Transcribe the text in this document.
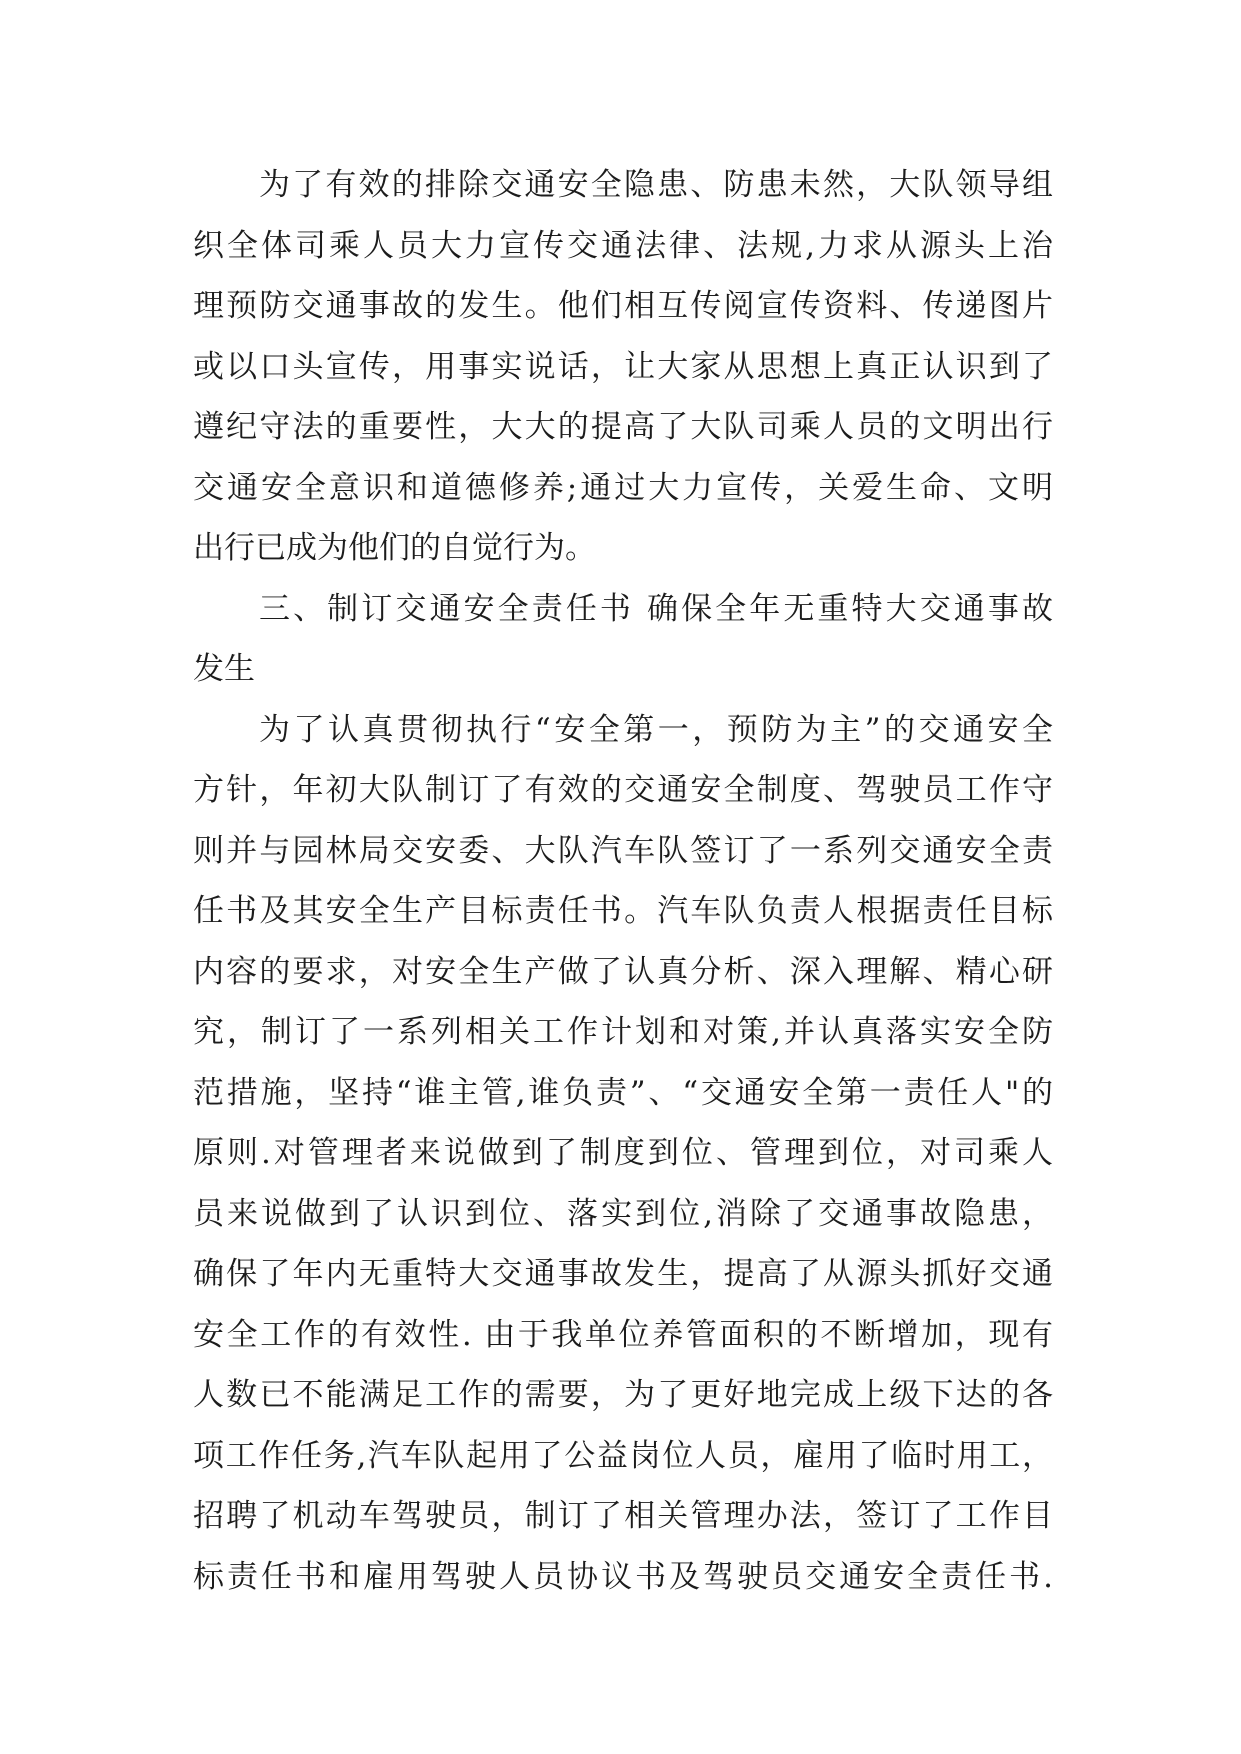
为了有效的排除交通安全隐患、防患未然，大队领导组
织全体司乘人员大力宣传交通法律、法规,力求从源头上治
理预防交通事故的发生。他们相互传阅宣传资料、传递图片
或以口头宣传，用事实说话，让大家从思想上真正认识到了
遵纪守法的重要性，大大的提高了大队司乘人员的文明出行
交通安全意识和道德修养;通过大力宣传，关爱生命、文明
出行已成为他们的自觉行为。
三、制订交通安全责任书 确保全年无重特大交通事故
发生
为了认真贯彻执行“安全第一，预防为主”的交通安全
方针，年初大队制订了有效的交通安全制度、驾驶员工作守
则并与园林局交安委、大队汽车队签订了一系列交通安全责
任书及其安全生产目标责任书。汽车队负责人根据责任目标
内容的要求，对安全生产做了认真分析、深入理解、精心研
究，制订了一系列相关工作计划和对策,并认真落实安全防
范措施，坚持“谁主管,谁负责”、“交通安全第一责任人"的
原则.对管理者来说做到了制度到位、管理到位，对司乘人
员来说做到了认识到位、落实到位,消除了交通事故隐患，
确保了年内无重特大交通事故发生，提高了从源头抓好交通
安全工作的有效性. 由于我单位养管面积的不断增加，现有
人数已不能满足工作的需要，为了更好地完成上级下达的各
项工作任务,汽车队起用了公益岗位人员，雇用了临时用工，
招聘了机动车驾驶员，制订了相关管理办法，签订了工作目
标责任书和雇用驾驶人员协议书及驾驶员交通安全责任书.
